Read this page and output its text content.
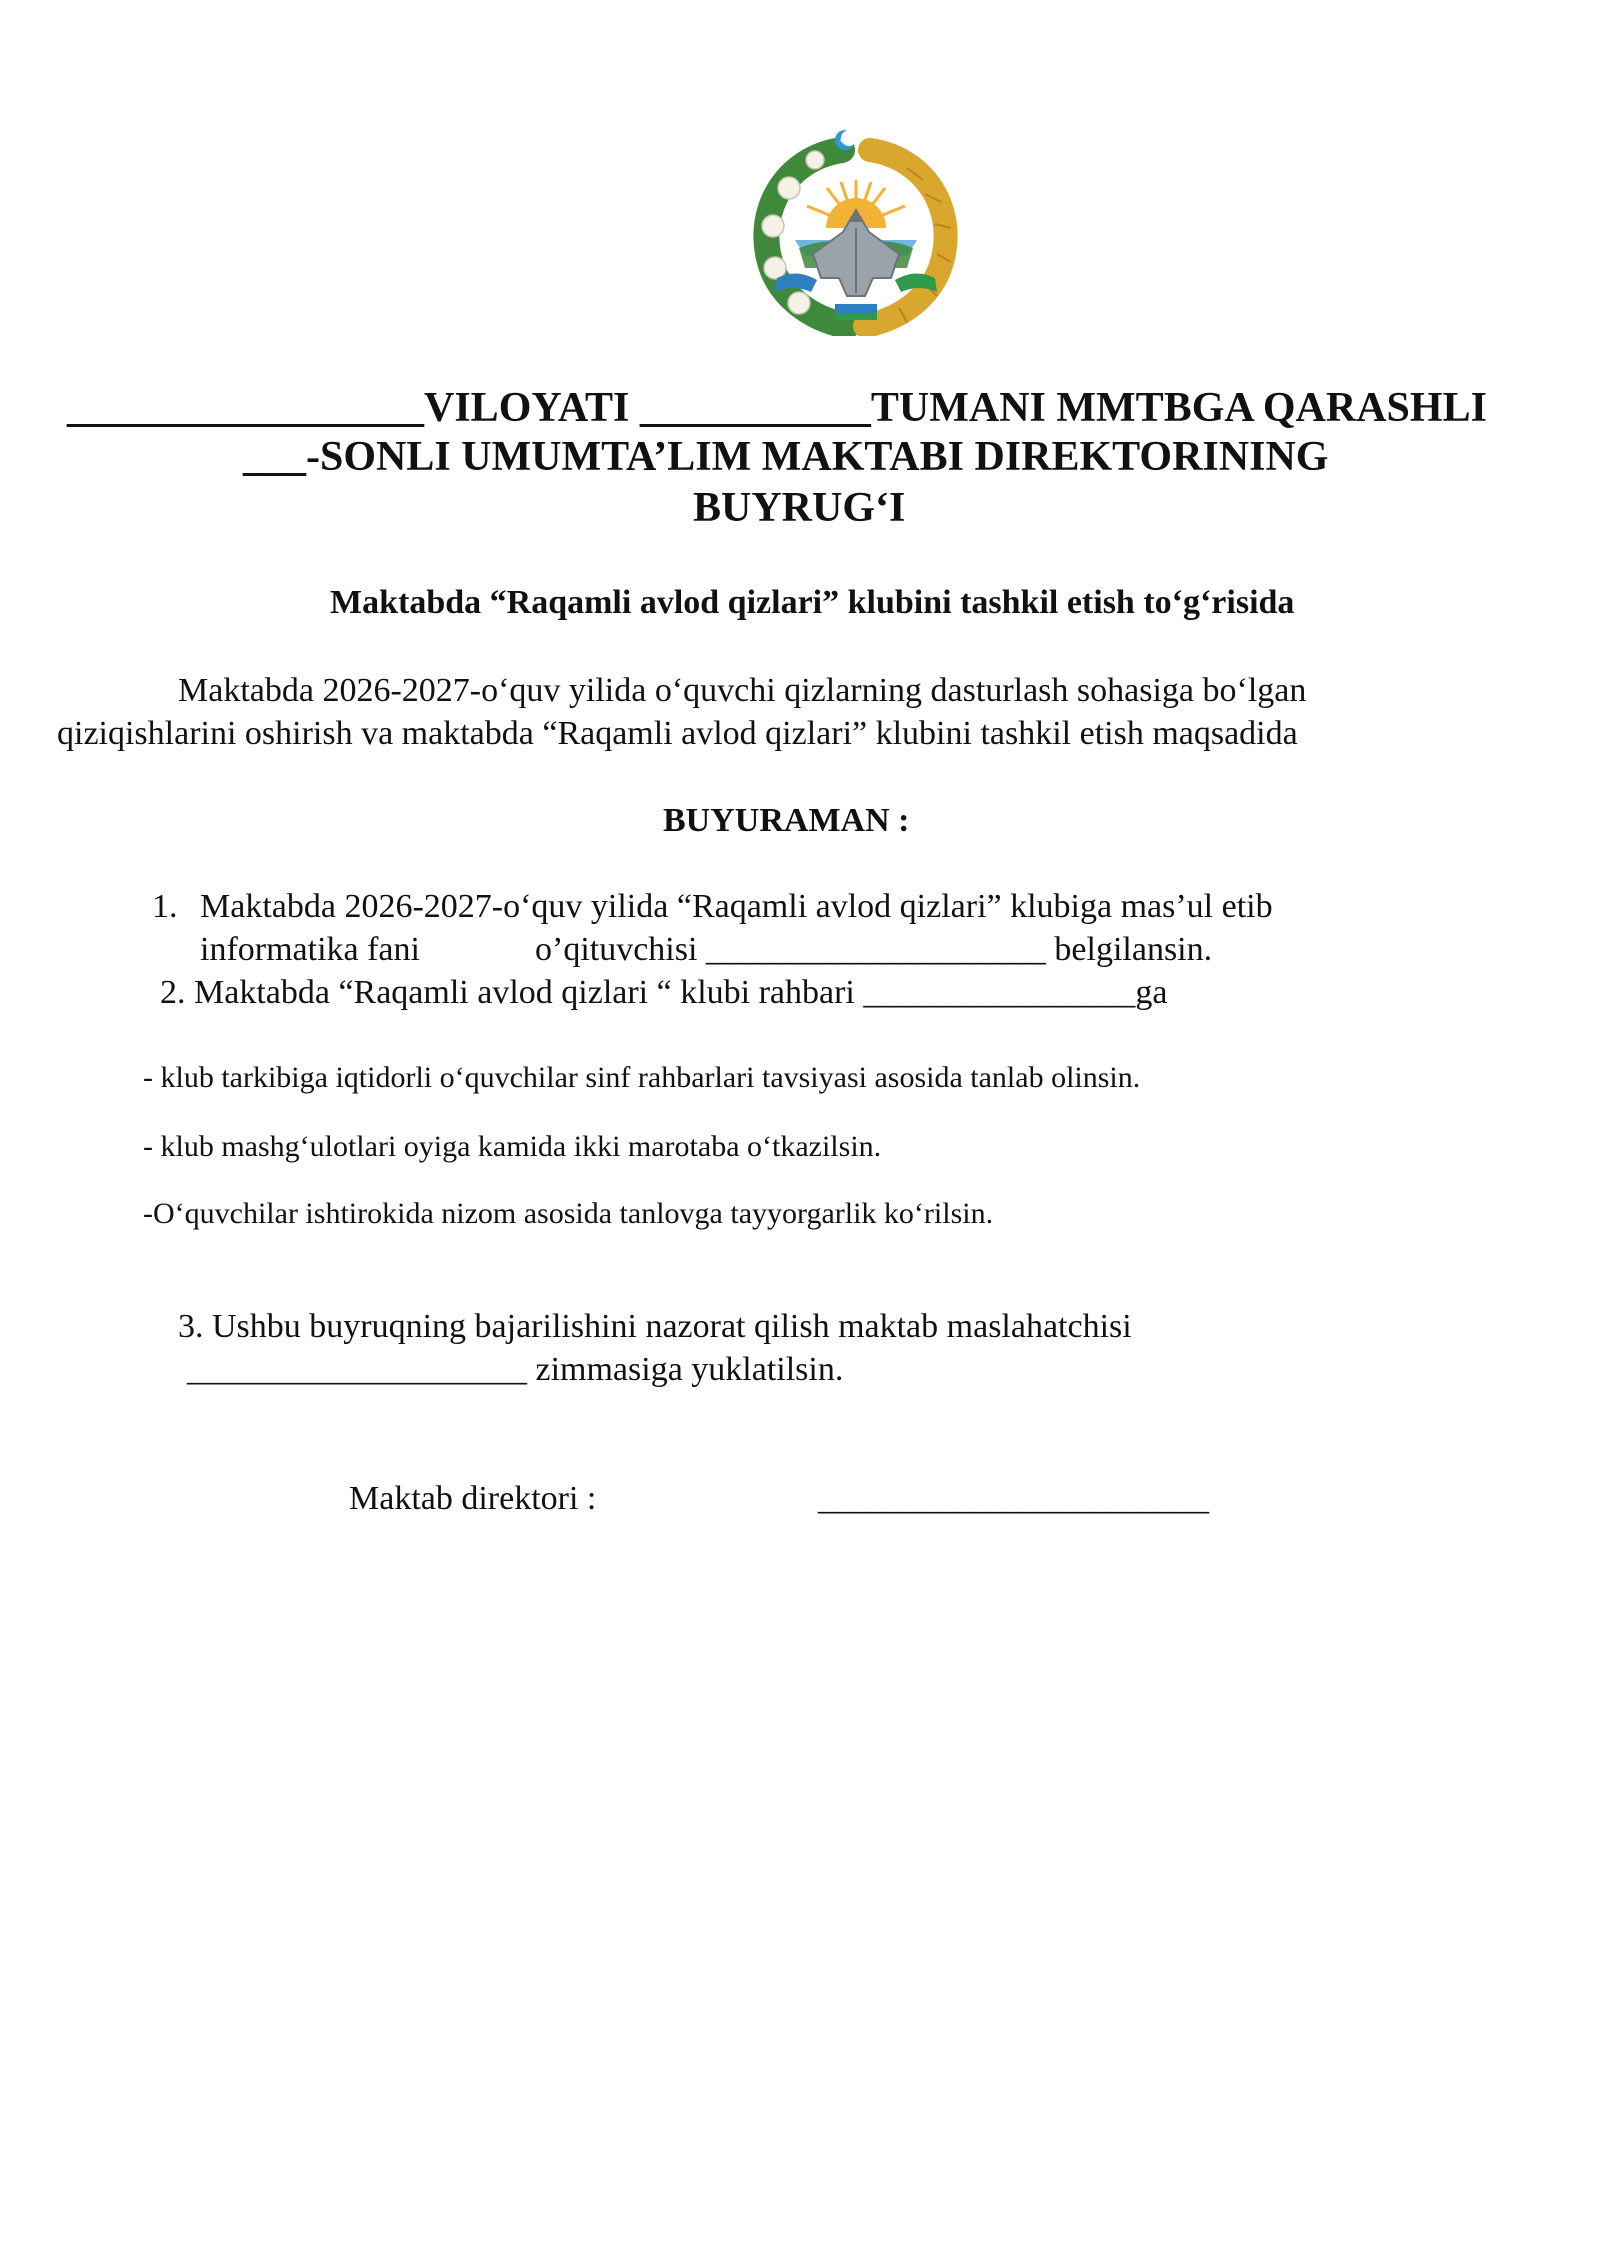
G
_________________VILOYATI ___________TUMANI MMTBGA QARASHLI
___-SONLI UMUMTA’LIM MAKTABI DIREKTORINING
BUYRUG‘I
Maktabda “Raqamli avlod qizlari” klubini tashkil etish to‘g‘risida
Maktabda 2026-2027-o‘quv yilida o‘quvchi qizlarning dasturlash sohasiga bo‘lgan
qiziqishlarini oshirish va maktabda “Raqamli avlod qizlari” klubini tashkil etish maqsadida
BUYURAMAN :
1. Maktabda 2026-2027-o‘quv yilida “Raqamli avlod qizlari” klubiga mas’ul etib
informatika fani	o’qituvchisi ____________________ belgilansin.
2. Maktabda “Raqamli avlod qizlari “ klubi rahbari ________________ga
- klub tarkibiga iqtidorli o‘quvchilar sinf rahbarlari tavsiyasi asosida tanlab olinsin.
- klub mashg‘ulotlari oyiga kamida ikki marotaba o‘tkazilsin.
-O‘quvchilar ishtirokida nizom asosida tanlovga tayyorgarlik ko‘rilsin.
3. Ushbu buyruqning bajarilishini nazorat qilish maktab maslahatchisi
____________________ zimmasiga yuklatilsin.
Maktab direktori :	_______________________
